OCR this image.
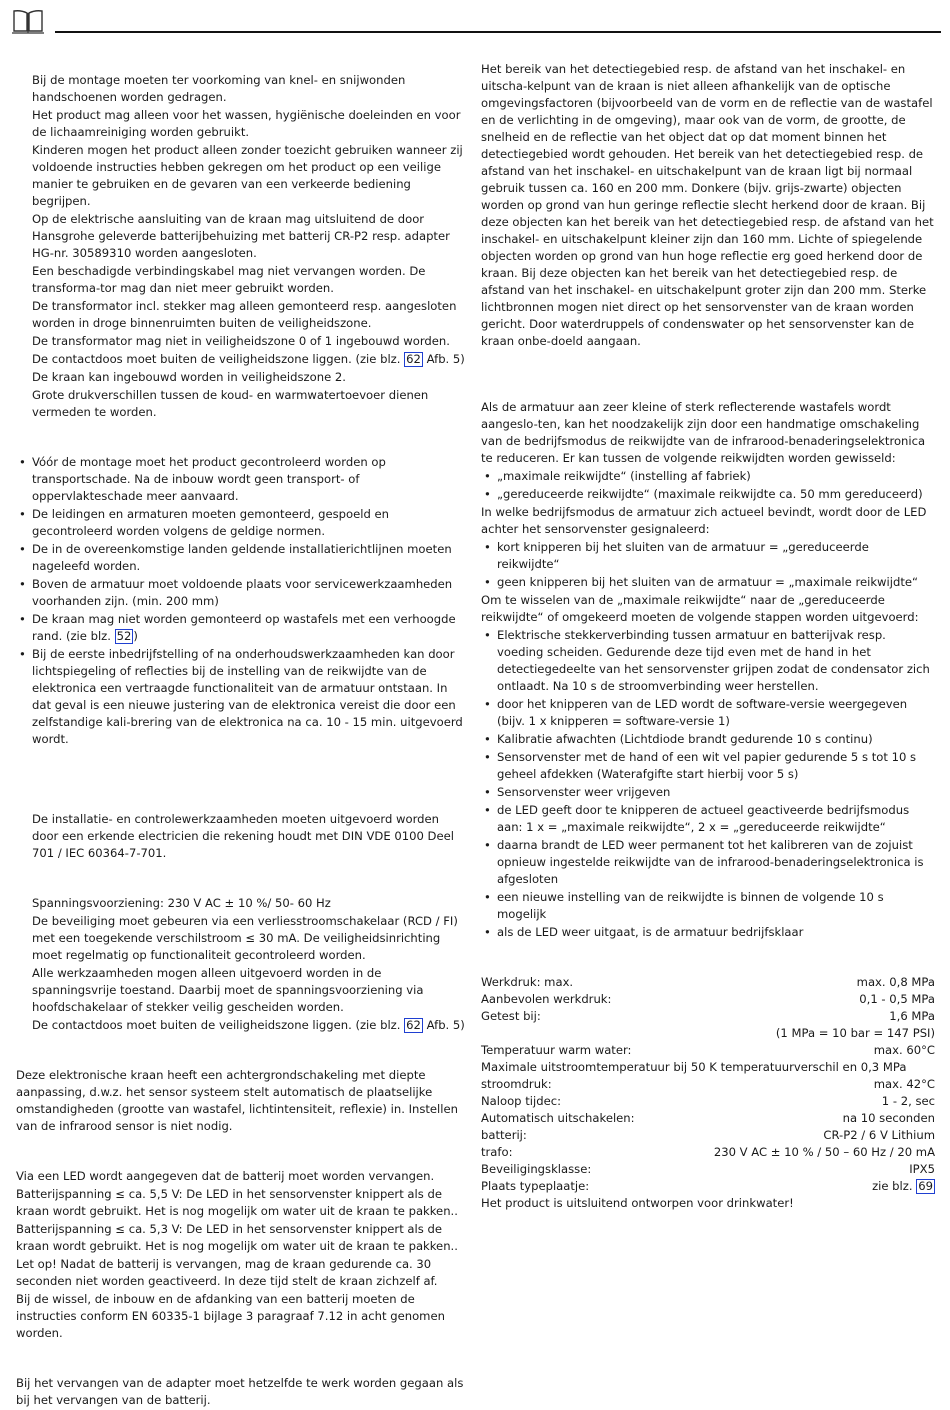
Bij de montage moeten ter voorkoming van knel- en snijwonden handschoenen worden gedragen.

Het product mag alleen voor het wassen, hygiënische doeleinden en voor de lichaamreiniging worden gebruikt.

Kinderen mogen het product alleen zonder toezicht gebruiken wanneer zij voldoende instructies hebben gekregen om het product op een veilige manier te gebruiken en de gevaren van een verkeerde bediening begrijpen.

Op de elektrische aansluiting van de kraan mag uitsluitend de door Hansgrohe geleverde batterijbehuizing met batterij CR-P2 resp. adapter HG-nr. 30589310 worden aangesloten.

Een beschadigde verbindingskabel mag niet vervangen worden. De transforma-tor mag dan niet meer gebruikt worden.

De transformator incl. stekker mag alleen gemonteerd resp. aangesloten worden in droge binnenruimten buiten de veiligheidszone.

De transformator mag niet in veiligheidszone 0 of 1 ingebouwd worden.

De contactdoos moet buiten de veiligheidszone liggen. (zie blz. 62 Afb. 5)

De kraan kan ingebouwd worden in veiligheidszone 2.

Grote drukverschillen tussen de koud- en warmwatertoevoer dienen vermeden te worden.

• Vóór de montage moet het product gecontroleerd worden op transportschade. Na de inbouw wordt geen transport- of oppervlakteschade meer aanvaard.
• De leidingen en armaturen moeten gemonteerd, gespoeld en gecontroleerd worden volgens de geldige normen.
• De in de overeenkomstige landen geldende installatierichtlijnen moeten nageleefd worden.
• Boven de armatuur moet voldoende plaats voor servicewerkzaamheden voorhanden zijn. (min. 200 mm)
• De kraan mag niet worden gemonteerd op wastafels met een verhoogde rand. (zie blz. 52 )
• Bij de eerste inbedrijfstelling of na onderhoudswerkzaamheden kan door lichtspiegeling of reflecties bij de instelling van de reikwijdte van de elektronica een vertraagde functionaliteit van de armatuur ontstaan. In dat geval is een nieuwe justering van de elektronica vereist die door een zelfstandige kali-brering van de elektronica na ca. 10 - 15 min. uitgevoerd wordt.

De installatie- en controlewerkzaamheden moeten uitgevoerd worden door een erkende electricien die rekening houdt met DIN VDE 0100 Deel 701 / IEC 60364-7-701.

Spanningsvoorziening: 230 V AC ± 10 %/ 50- 60 Hz

De beveiliging moet gebeuren via een verliesstroomschakelaar (RCD / FI) met een toegekende verschilstroom ≤ 30 mA. De veiligheidsinrichting moet regelmatig op functionaliteit gecontroleerd worden.

Alle werkzaamheden mogen alleen uitgevoerd worden in de spanningsvrije toestand. Daarbij moet de spanningsvoorziening via hoofdschakelaar of stekker veilig gescheiden worden.

De contactdoos moet buiten de veiligheidszone liggen. (zie blz. 62 Afb. 5)

Deze elektronische kraan heeft een achtergrondschakeling met diepte aanpassing, d.w.z. het sensor systeem stelt automatisch de plaatselijke omstandigheden (grootte van wastafel, lichtintensiteit, reflexie) in. Instellen van de infrarood sensor is niet nodig.

Via een LED wordt aangegeven dat de batterij moet worden vervangen.

Batterijspanning ≤ ca. 5,5 V: De LED in het sensorvenster knippert als de kraan wordt gebruikt. Het is nog mogelijk om water uit de kraan te pakken..

Batterijspanning ≤ ca. 5,3 V: De LED in het sensorvenster knippert als de kraan wordt gebruikt. Het is nog mogelijk om water uit de kraan te pakken..

Let op! Nadat de batterij is vervangen, mag de kraan gedurende ca. 30 seconden niet worden geactiveerd. In deze tijd stelt de kraan zichzelf af.

Bij de wissel, de inbouw en de afdanking van een batterij moeten de instructies conform EN 60335-1 bijlage 3 paragraaf 7.12 in acht genomen worden.

Bij het vervangen van de adapter moet hetzelfde te werk worden gegaan als bij het vervangen van de batterij.

Het bereik van het detectiegebied resp. de afstand van het inschakel- en uitscha-kelpunt van de kraan is niet alleen afhankelijk van de optische omgevingsfactoren (bijvoorbeeld van de vorm en de reflectie van de wastafel en de verlichting in de omgeving), maar ook van de vorm, de grootte, de snelheid en de reflectie van het object dat op dat moment binnen het detectiegebied wordt gehouden. Het bereik van het detectiegebied resp. de afstand van het inschakel- en uitschakelpunt van de kraan ligt bij normaal gebruik tussen ca. 160 en 200 mm. Donkere (bijv. grijs-zwarte) objecten worden op grond van hun geringe reflectie slecht herkend door de kraan. Bij deze objecten kan het bereik van het detectiegebied resp. de afstand van het inschakel- en uitschakelpunt kleiner zijn dan 160 mm. Lichte of spiegelende objecten worden op grond van hun hoge reflectie erg goed herkend door de kraan. Bij deze objecten kan het bereik van het detectiegebied resp. de afstand van het inschakel- en uitschakelpunt groter zijn dan 200 mm. Sterke lichtbronnen mogen niet direct op het sensorvenster van de kraan worden gericht. Door waterdruppels of condenswater op het sensorvenster kan de kraan onbe-doeld aangaan.

Als de armatuur aan zeer kleine of sterk reflecterende wastafels wordt aangeslo-ten, kan het noodzakelijk zijn door een handmatige omschakeling van de bedrijfsmodus de reikwijdte van de infrarood-benaderingselektronica te reduceren. Er kan tussen de volgende reikwijdten worden gewisseld:

• „maximale reikwijdte“ (instelling af fabriek)
• „gereduceerde reikwijdte“ (maximale reikwijdte ca. 50 mm gereduceerd)

In welke bedrijfsmodus de armatuur zich actueel bevindt, wordt door de LED achter het sensorvenster gesignaleerd:

• kort knipperen bij het sluiten van de armatuur = „gereduceerde reikwijdte“
• geen knipperen bij het sluiten van de armatuur = „maximale reikwijdte“

Om te wisselen van de „maximale reikwijdte“ naar de „gereduceerde reikwijdte“ of omgekeerd moeten de volgende stappen worden uitgevoerd:

• Elektrische stekkerverbinding tussen armatuur en batterijvak resp. voeding scheiden. Gedurende deze tijd even met de hand in het detectiegedeelte van het sensorvenster grijpen zodat de condensator zich ontlaadt. Na 10 s de stroomverbinding weer herstellen.
• door het knipperen van de LED wordt de software-versie weergegeven (bijv. 1 x knipperen = software-versie 1)
• Kalibratie afwachten (Lichtdiode brandt gedurende 10 s continu)
• Sensorvenster met de hand of een wit vel papier gedurende 5 s tot 10 s geheel afdekken (Waterafgifte start hierbij voor 5 s)
• Sensorvenster weer vrijgeven
• de LED geeft door te knipperen de actueel geactiveerde bedrijfsmodus aan: 1 x = „maximale reikwijdte“, 2 x = „gereduceerde reikwijdte“
• daarna brandt de LED weer permanent tot het kalibreren van de zojuist opnieuw ingestelde reikwijdte van de infrarood-benaderingselektronica is afgesloten
• een nieuwe instelling van de reikwijdte is binnen de volgende 10 s mogelijk
• als de LED weer uitgaat, is de armatuur bedrijfsklaar
Werkdruk: max.	max. 0,8 MPa
Aanbevolen werkdruk:	0,1 - 0,5 MPa
Getest bij:	1,6 MPa
(1 MPa = 10 bar = 147 PSI)
Temperatuur warm water:	max. 60°C
Maximale uitstroomtemperatuur bij 50 K temperatuurverschil en 0,3 MPa
stroomdruk:	max. 42°C
Naloop tijdec:	1 - 2, sec
Automatisch uitschakelen:	na 10 seconden
batterij:	CR-P2 / 6 V Lithium
trafo:	230 V AC ± 10 % / 50 – 60 Hz / 20 mA
Beveiligingsklasse:	IPX5
Plaats typeplaatje:	zie blz. 69
Het product is uitsluitend ontworpen voor drinkwater!
